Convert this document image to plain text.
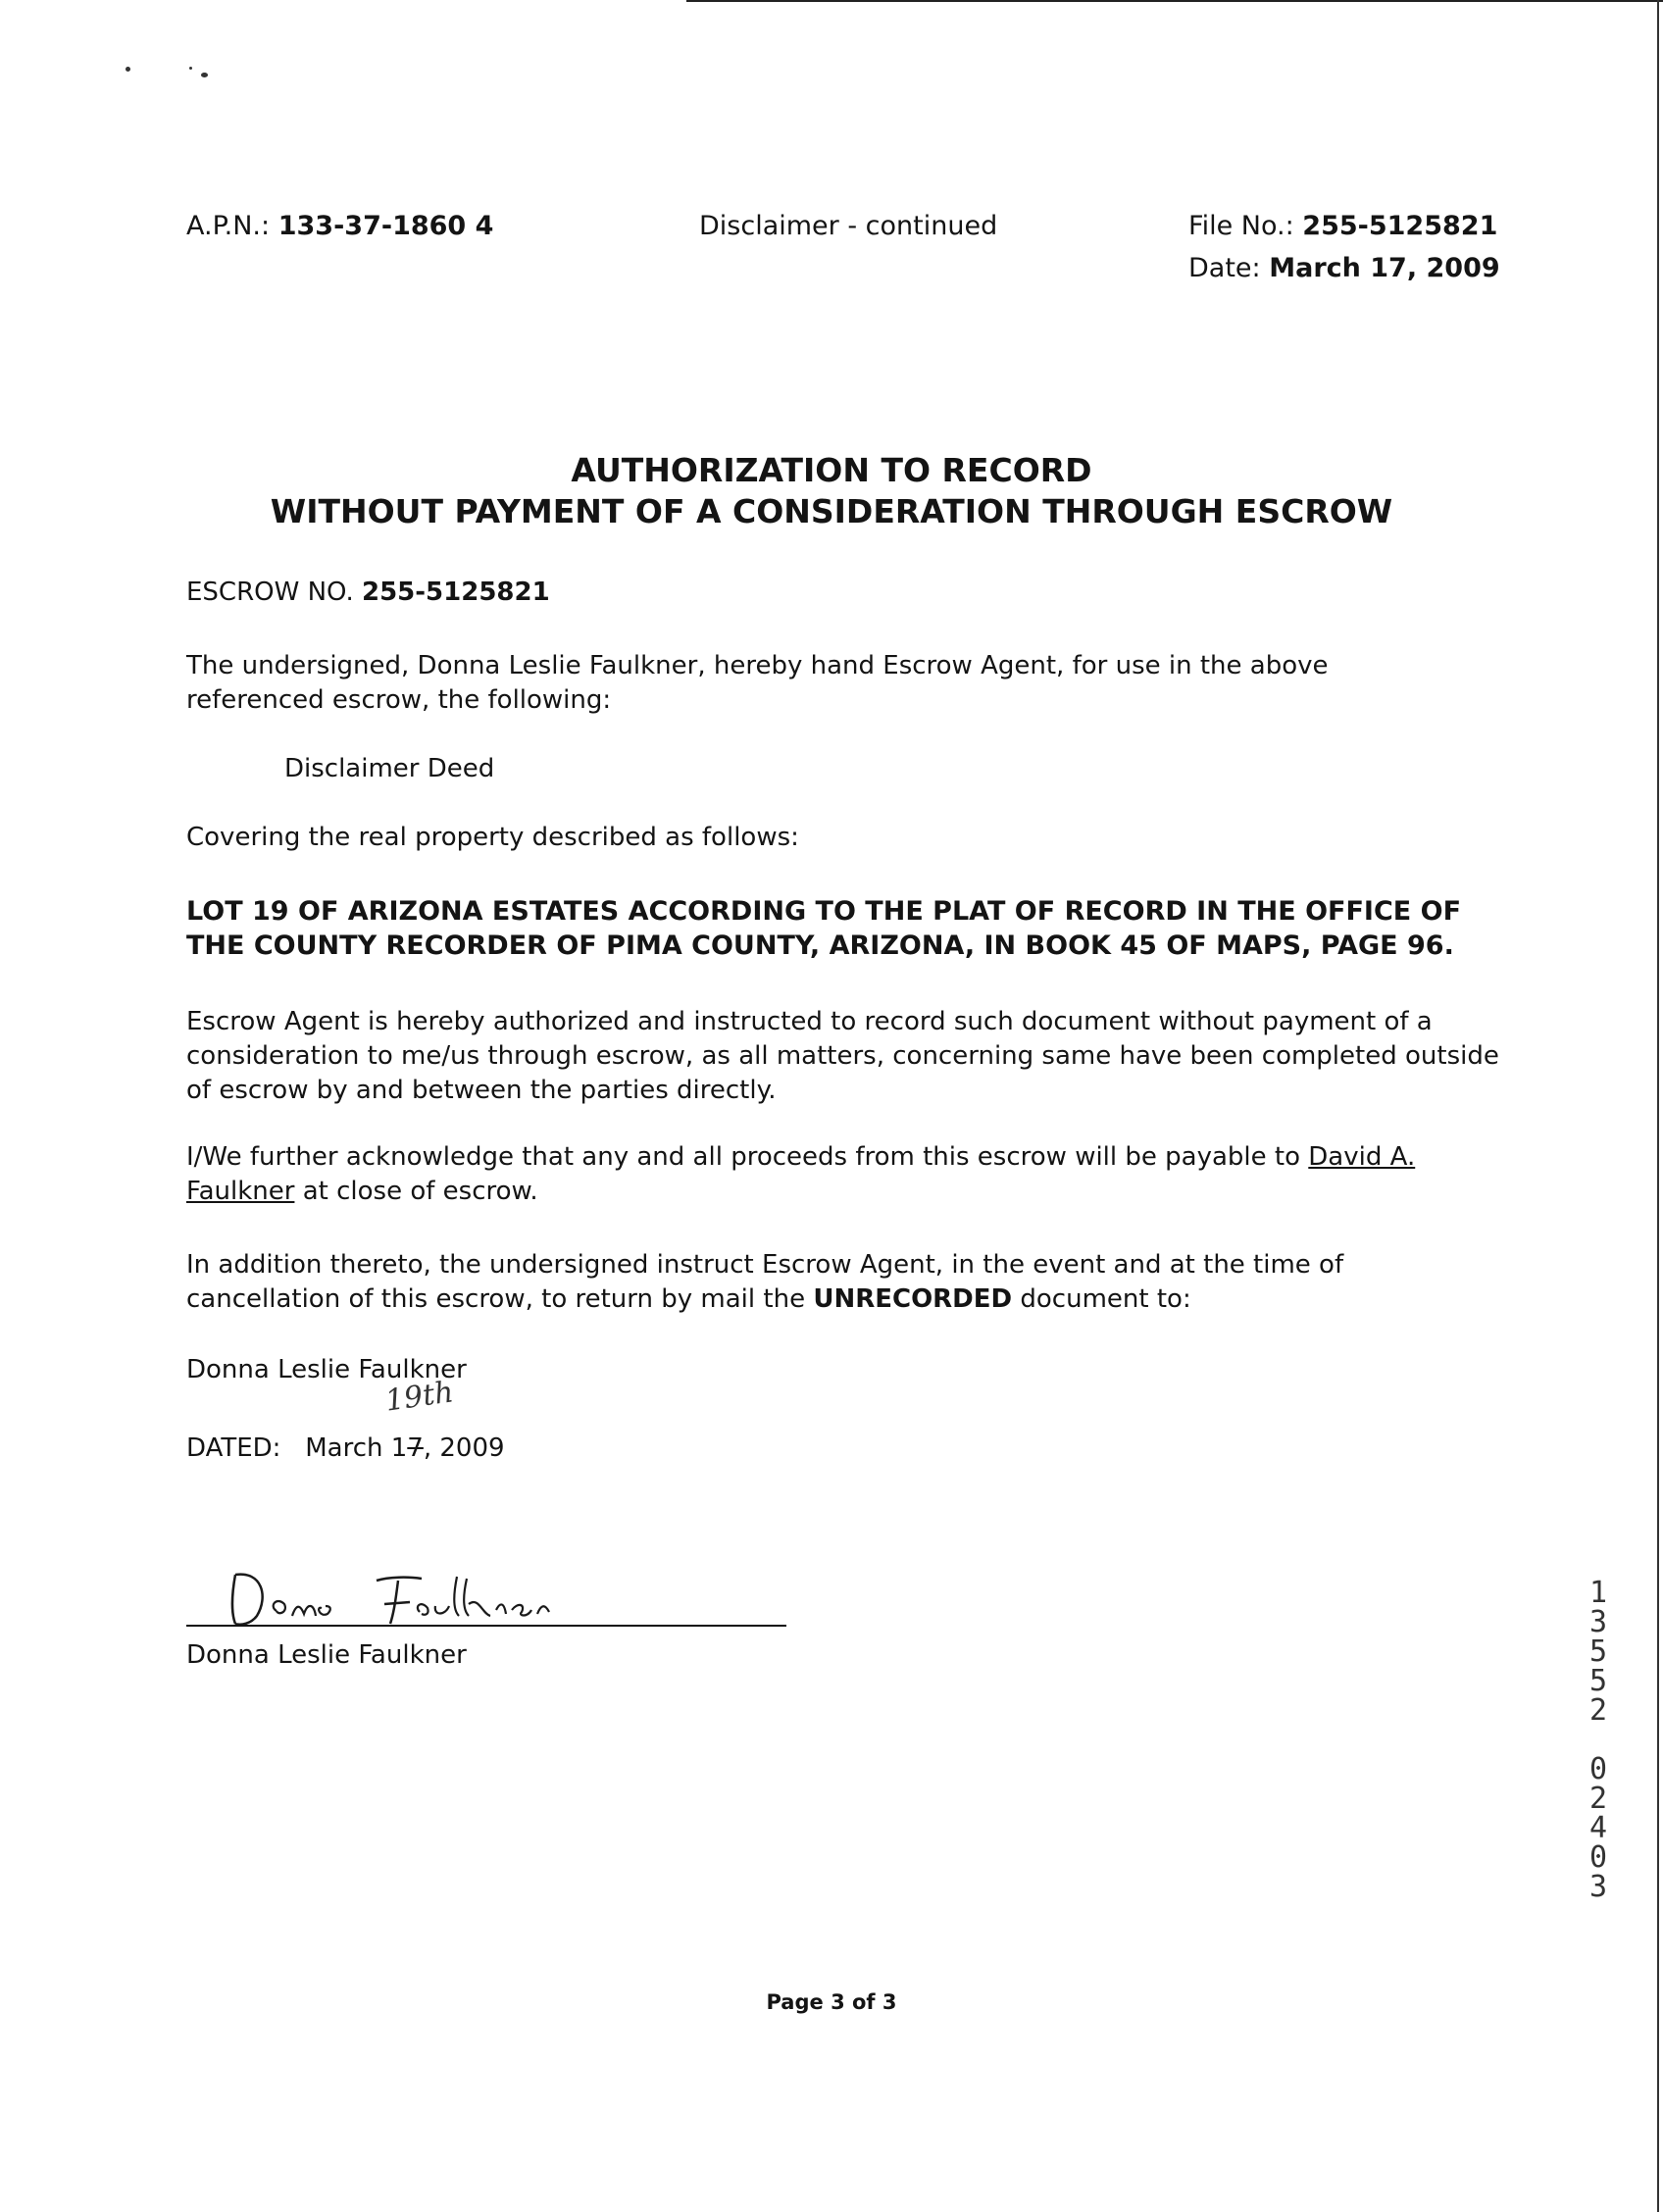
A.P.N.: 133-37-1860 4	Disclaimer - continued	File No.: 255-5125821
Date: March 17, 2009
AUTHORIZATION TO RECORD
WITHOUT PAYMENT OF A CONSIDERATION THROUGH ESCROW
ESCROW NO. 255-5125821
The undersigned, Donna Leslie Faulkner, hereby hand Escrow Agent, for use in the above referenced escrow, the following:
Disclaimer Deed
Covering the real property described as follows:
LOT 19 OF ARIZONA ESTATES ACCORDING TO THE PLAT OF RECORD IN THE OFFICE OF THE COUNTY RECORDER OF PIMA COUNTY, ARIZONA, IN BOOK 45 OF MAPS, PAGE 96.
Escrow Agent is hereby authorized and instructed to record such document without payment of a consideration to me/us through escrow, as all matters, concerning same have been completed outside of escrow by and between the parties directly.
I/We further acknowledge that any and all proceeds from this escrow will be payable to David A. Faulkner at close of escrow.
In addition thereto, the undersigned instruct Escrow Agent, in the event and at the time of cancellation of this escrow, to return by mail the UNRECORDED document to:
Donna Leslie Faulkner
19th
DATED: March 17, 2009
Donna Leslie Faulkner
1
3
5
5
2
0
2
4
0
3
Page 3 of 3
